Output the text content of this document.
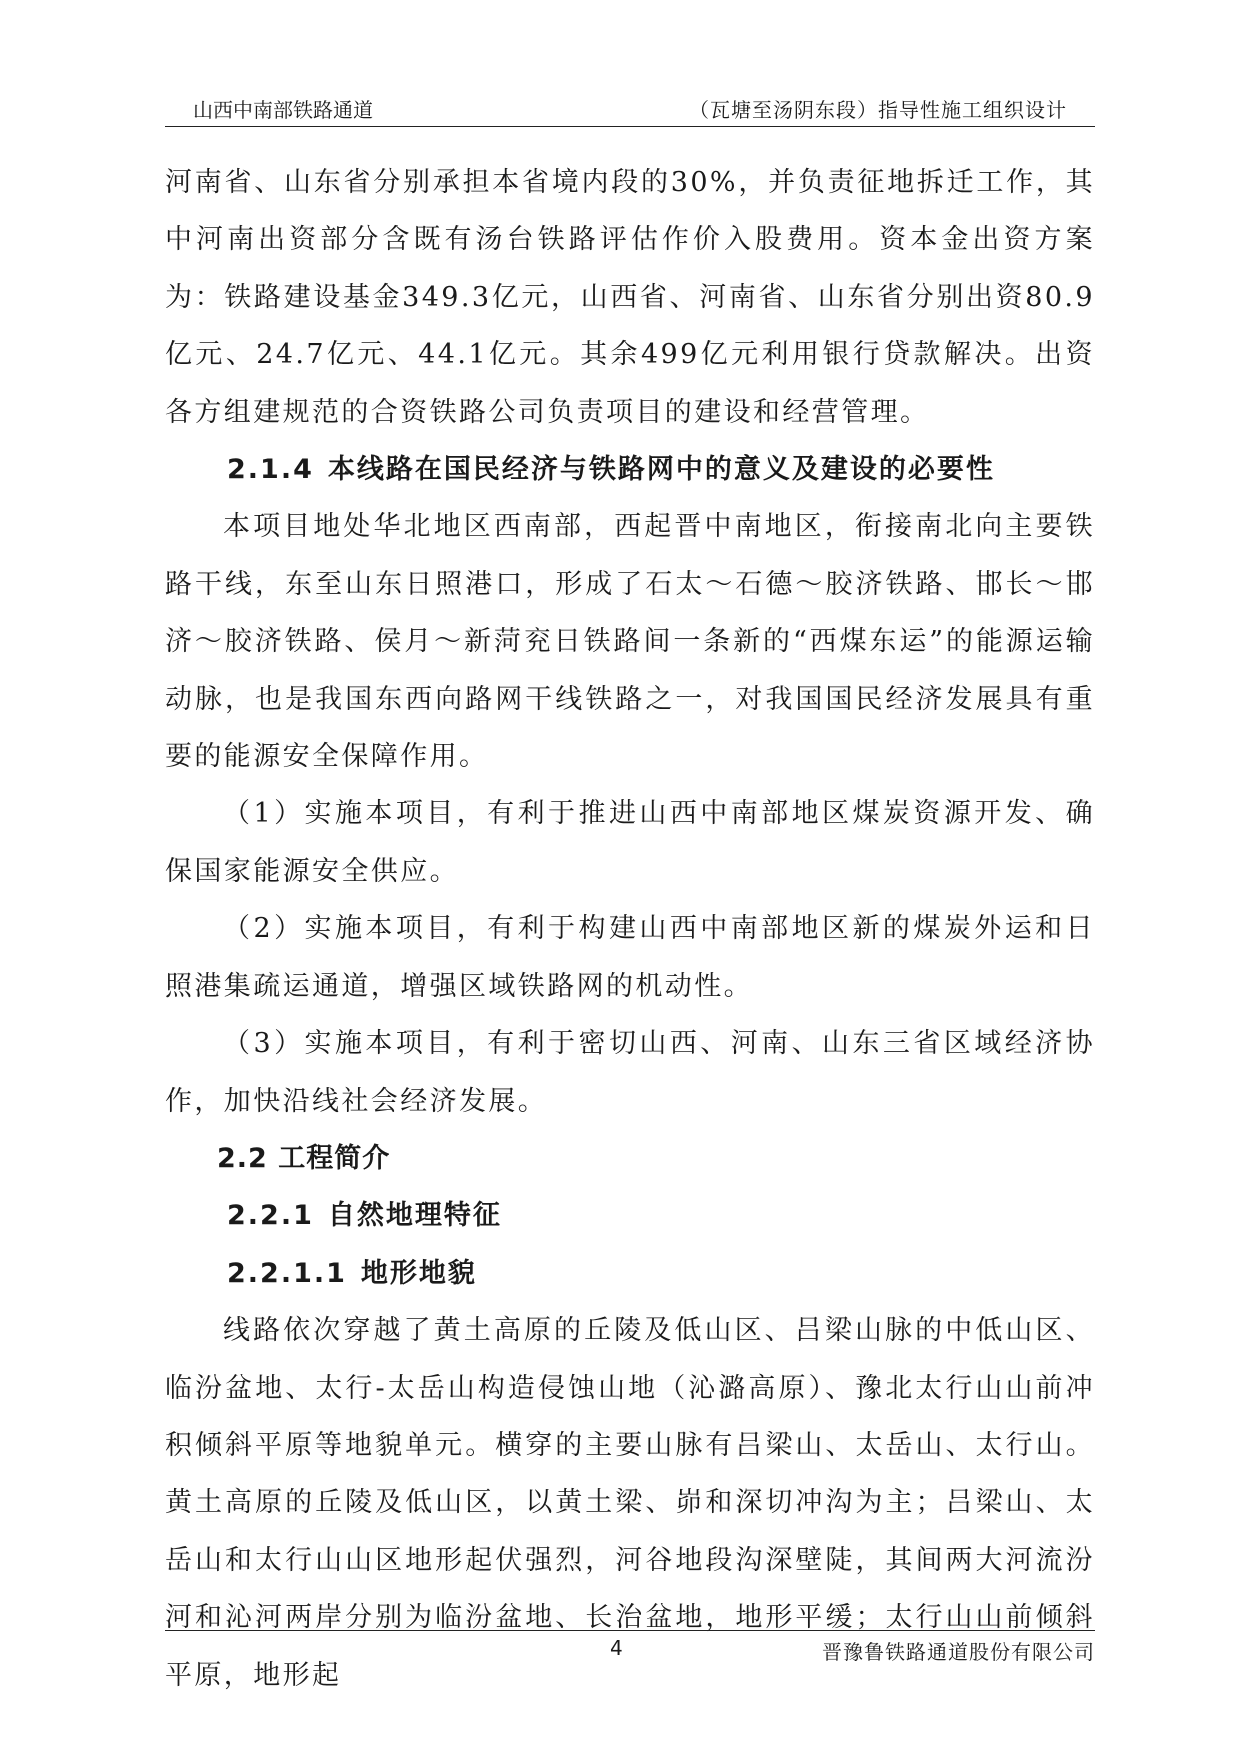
山西中南部铁路通道	（瓦塘至汤阴东段）指导性施工组织设计

河南省、山东省分别承担本省境内段的30%，并负责征地拆迁工作，其中河南出资部分含既有汤台铁路评估作价入股费用。资本金出资方案为：铁路建设基金349.3亿元，山西省、河南省、山东省分别出资80.9亿元、24.7亿元、44.1亿元。其余499亿元利用银行贷款解决。出资各方组建规范的合资铁路公司负责项目的建设和经营管理。

2.1.4 本线路在国民经济与铁路网中的意义及建设的必要性

本项目地处华北地区西南部，西起晋中南地区，衔接南北向主要铁路干线，东至山东日照港口，形成了石太～石德～胶济铁路、邯长～邯济～胶济铁路、侯月～新菏兖日铁路间一条新的“西煤东运”的能源运输动脉，也是我国东西向路网干线铁路之一，对我国国民经济发展具有重要的能源安全保障作用。

（1）实施本项目，有利于推进山西中南部地区煤炭资源开发、确保国家能源安全供应。

（2）实施本项目，有利于构建山西中南部地区新的煤炭外运和日照港集疏运通道，增强区域铁路网的机动性。

（3）实施本项目，有利于密切山西、河南、山东三省区域经济协作，加快沿线社会经济发展。

2.2 工程简介
2.2.1 自然地理特征
2.2.1.1 地形地貌

线路依次穿越了黄土高原的丘陵及低山区、吕梁山脉的中低山区、临汾盆地、太行-太岳山构造侵蚀山地（沁潞高原）、豫北太行山山前冲积倾斜平原等地貌单元。横穿的主要山脉有吕梁山、太岳山、太行山。黄土高原的丘陵及低山区，以黄土梁、峁和深切冲沟为主；吕梁山、太岳山和太行山山区地形起伏强烈，河谷地段沟深壁陡，其间两大河流汾河和沁河两岸分别为临汾盆地、长治盆地，地形平缓；太行山山前倾斜平原，地形起

4	晋豫鲁铁路通道股份有限公司
